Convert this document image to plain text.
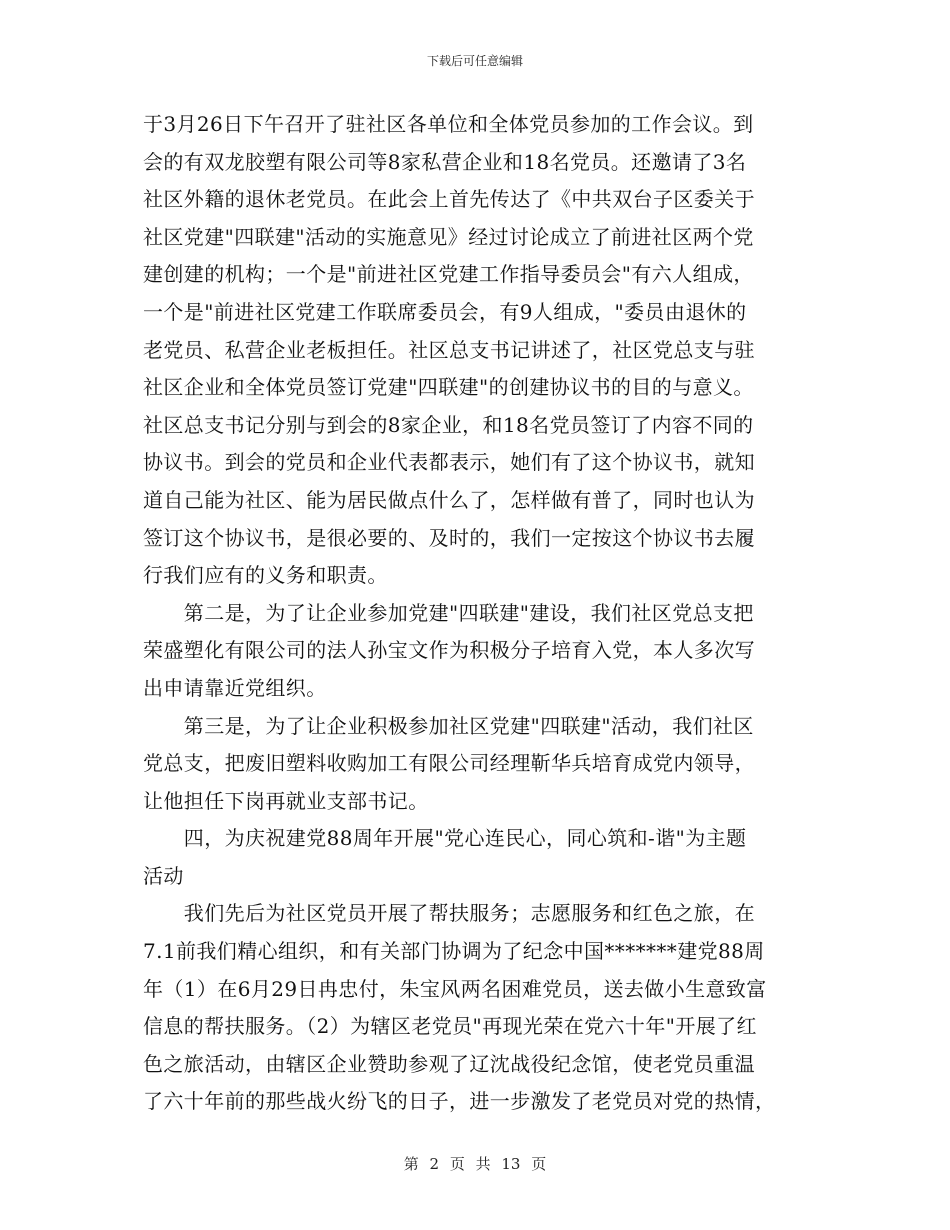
下载后可任意编辑
于3月26日下午召开了驻社区各单位和全体党员参加的工作会议。到
会的有双龙胶塑有限公司等8家私营企业和18名党员。还邀请了3名
社区外籍的退休老党员。在此会上首先传达了《中共双台子区委关于
社区党建"四联建"活动的实施意见》经过讨论成立了前进社区两个党
建创建的机构；一个是"前进社区党建工作指导委员会"有六人组成，
一个是"前进社区党建工作联席委员会，有9人组成，"委员由退休的
老党员、私营企业老板担任。社区总支书记讲述了，社区党总支与驻
社区企业和全体党员签订党建"四联建"的创建协议书的目的与意义。
社区总支书记分别与到会的8家企业，和18名党员签订了内容不同的
协议书。到会的党员和企业代表都表示，她们有了这个协议书，就知
道自己能为社区、能为居民做点什么了，怎样做有普了，同时也认为
签订这个协议书，是很必要的、及时的，我们一定按这个协议书去履
行我们应有的义务和职责。
　　第二是，为了让企业参加党建"四联建"建设，我们社区党总支把
荣盛塑化有限公司的法人孙宝文作为积极分子培育入党，本人多次写
出申请靠近党组织。
　　第三是，为了让企业积极参加社区党建"四联建"活动，我们社区
党总支，把废旧塑料收购加工有限公司经理靳华兵培育成党内领导，
让他担任下岗再就业支部书记。
　　四，为庆祝建党88周年开展"党心连民心，同心筑和-谐"为主题
活动
　　我们先后为社区党员开展了帮扶服务；志愿服务和红色之旅，在
7.1前我们精心组织，和有关部门协调为了纪念中国*******建党88周
年（1）在6月29日冉忠付，朱宝风两名困难党员，送去做小生意致富
信息的帮扶服务。（2）为辖区老党员"再现光荣在党六十年"开展了红
色之旅活动，由辖区企业赞助参观了辽沈战役纪念馆，使老党员重温
了六十年前的那些战火纷飞的日子，进一步激发了老党员对党的热情，
第 2 页 共 13 页
